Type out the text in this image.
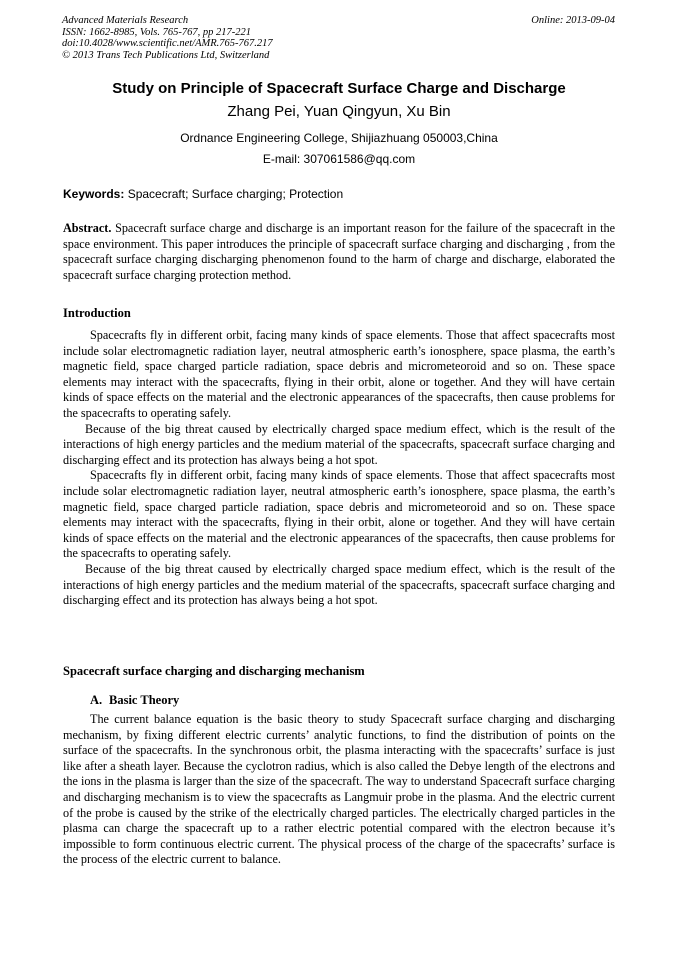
Advanced Materials Research
ISSN: 1662-8985, Vols. 765-767, pp 217-221
doi:10.4028/www.scientific.net/AMR.765-767.217
© 2013 Trans Tech Publications Ltd, Switzerland
Online: 2013-09-04
Study on Principle of Spacecraft Surface Charge and Discharge
Zhang Pei, Yuan Qingyun, Xu Bin
Ordnance Engineering College, Shijiazhuang 050003,China
E-mail: 307061586@qq.com
Keywords: Spacecraft; Surface charging; Protection
Abstract. Spacecraft surface charge and discharge is an important reason for the failure of the spacecraft in the space environment. This paper introduces the principle of spacecraft surface charging and discharging , from the spacecraft surface charging discharging phenomenon found to the harm of charge and discharge, elaborated the spacecraft surface charging protection method.
Introduction

Spacecrafts fly in different orbit, facing many kinds of space elements. Those that affect spacecrafts most include solar electromagnetic radiation layer, neutral atmospheric earth’s ionosphere, space plasma, the earth’s magnetic field, space charged particle radiation, space debris and micrometeoroid and so on. These space elements may interact with the spacecrafts, flying in their orbit, alone or together. And they will have certain kinds of space effects on the material and the electronic appearances of the spacecrafts, then cause problems for the spacecrafts to operating safely.

Because of the big threat caused by electrically charged space medium effect, which is the result of the interactions of high energy particles and the medium material of the spacecrafts, spacecraft surface charging and discharging effect and its protection has always being a hot spot.

Spacecrafts fly in different orbit, facing many kinds of space elements. Those that affect spacecrafts most include solar electromagnetic radiation layer, neutral atmospheric earth’s ionosphere, space plasma, the earth’s magnetic field, space charged particle radiation, space debris and micrometeoroid and so on. These space elements may interact with the spacecrafts, flying in their orbit, alone or together. And they will have certain kinds of space effects on the material and the electronic appearances of the spacecrafts, then cause problems for the spacecrafts to operating safely.

Because of the big threat caused by electrically charged space medium effect, which is the result of the interactions of high energy particles and the medium material of the spacecrafts, spacecraft surface charging and discharging effect and its protection has always being a hot spot.

Spacecraft surface charging and discharging mechanism
A. Basic Theory

The current balance equation is the basic theory to study Spacecraft surface charging and discharging mechanism, by fixing different electric currents’ analytic functions, to find the distribution of points on the surface of the spacecrafts. In the synchronous orbit, the plasma interacting with the spacecrafts’ surface is just like after a sheath layer. Because the cyclotron radius, which is also called the Debye length of the electrons and the ions in the plasma is larger than the size of the spacecraft. The way to understand Spacecraft surface charging and discharging mechanism is to view the spacecrafts as Langmuir probe in the plasma. And the electric current of the probe is caused by the strike of the electrically charged particles. The electrically charged particles in the plasma can charge the spacecraft up to a rather electric potential compared with the electron because it’s impossible to form continuous electric current. The physical process of the charge of the spacecrafts’ surface is the process of the electric current to balance.
